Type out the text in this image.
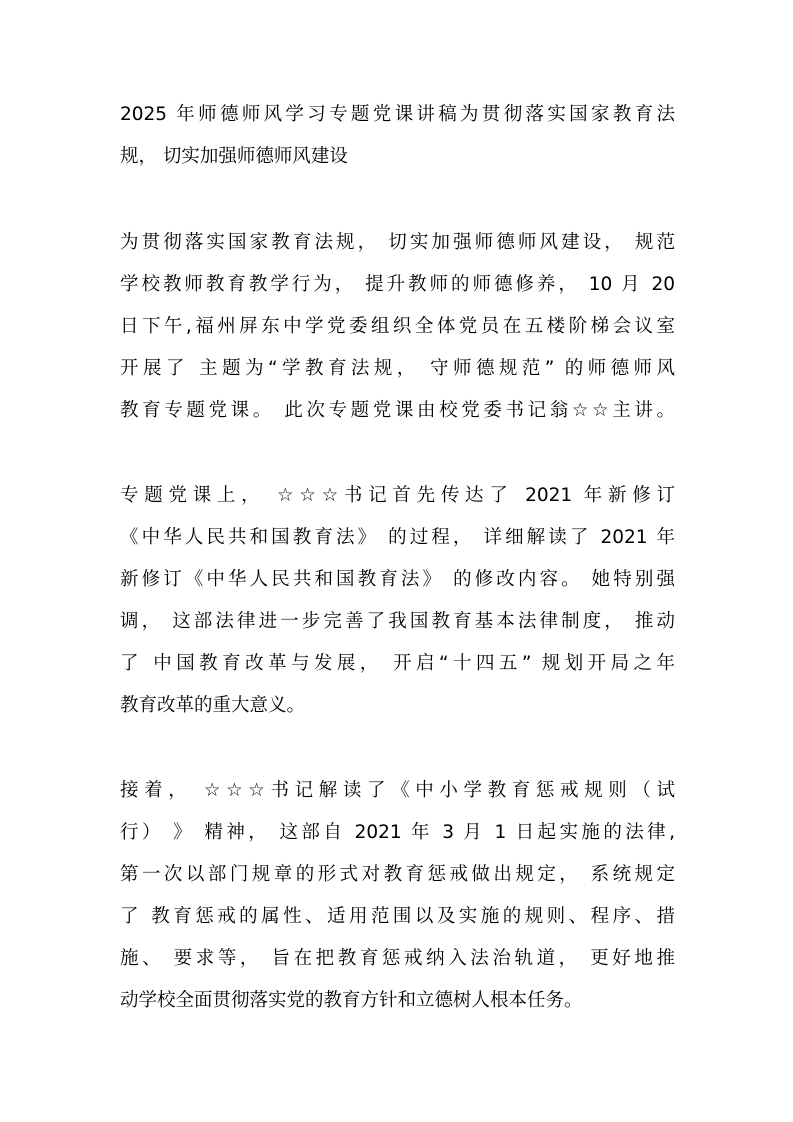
2025 年师德师风学习专题党课讲稿为贯彻落实国家教育法
规， 切实加强师德师风建设
为贯彻落实国家教育法规， 切实加强师德师风建设， 规范
学校教师教育教学行为， 提升教师的师德修养， 10 月 20
日下午,福州屏东中学党委组织全体党员在五楼阶梯会议室
开展了 主题为“学教育法规， 守师德规范” 的师德师风
教育专题党课。 此次专题党课由校党委书记翁☆☆主讲。
专题党课上， ☆☆☆书记首先传达了 2021 年新修订
《中华人民共和国教育法》 的过程， 详细解读了 2021 年
新修订《中华人民共和国教育法》 的修改内容。 她特别强
调， 这部法律进一步完善了我国教育基本法律制度， 推动
了 中国教育改革与发展， 开启“十四五” 规划开局之年
教育改革的重大意义。
接着， ☆☆☆书记解读了《中小学教育惩戒规则（试
行） 》 精神， 这部自 2021 年 3 月 1 日起实施的法律,
第一次以部门规章的形式对教育惩戒做出规定， 系统规定
了 教育惩戒的属性、适用范围以及实施的规则、程序、措
施、 要求等， 旨在把教育惩戒纳入法治轨道， 更好地推
动学校全面贯彻落实党的教育方针和立德树人根本任务。
